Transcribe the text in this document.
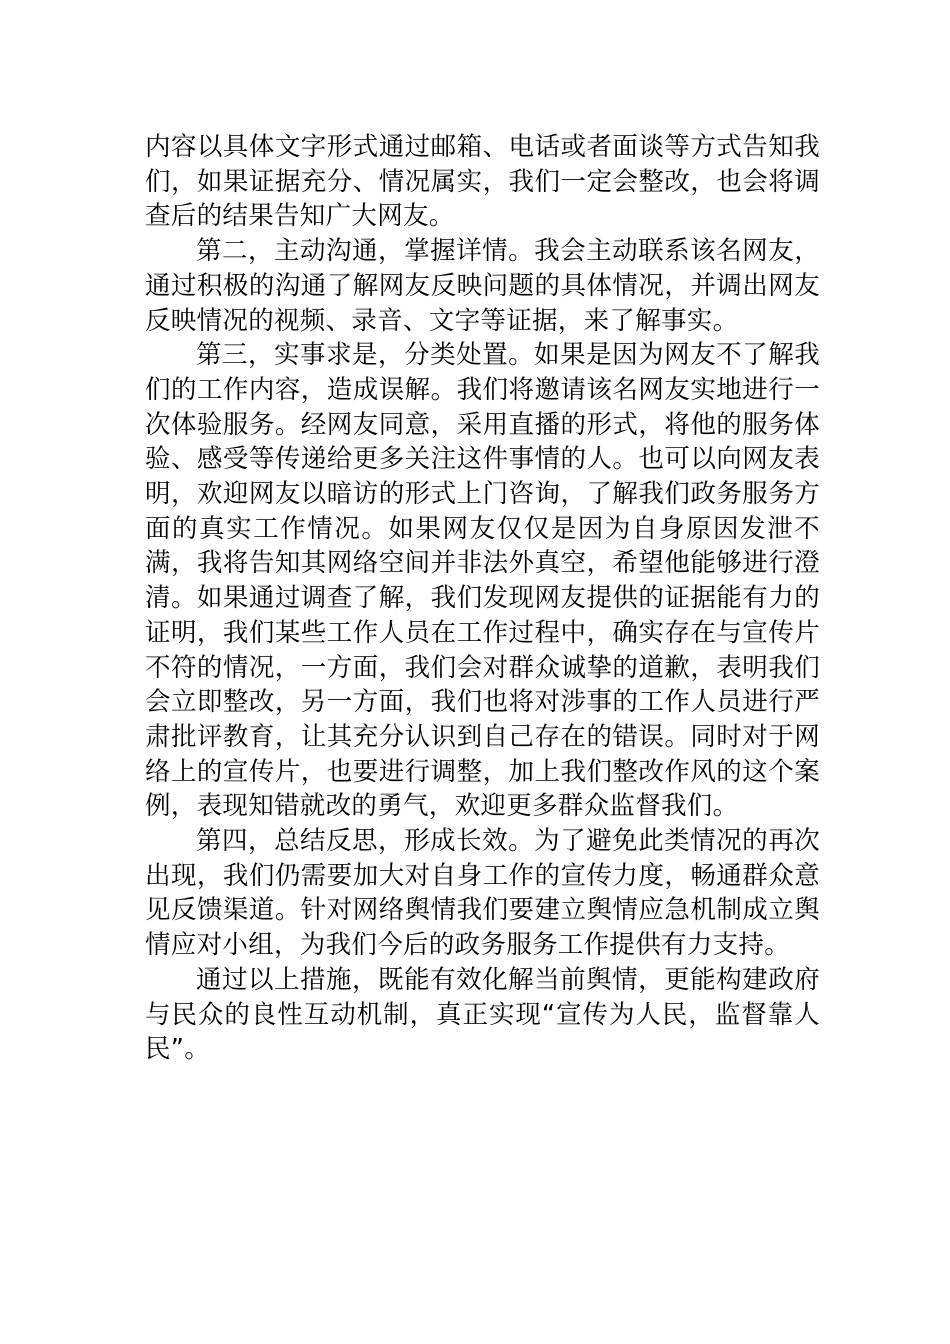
内容以具体文字形式通过邮箱、电话或者面谈等方式告知我们，如果证据充分、情况属实，我们一定会整改，也会将调查后的结果告知广大网友。

第二，主动沟通，掌握详情。我会主动联系该名网友，通过积极的沟通了解网友反映问题的具体情况，并调出网友反映情况的视频、录音、文字等证据，来了解事实。

第三，实事求是，分类处置。如果是因为网友不了解我们的工作内容，造成误解。我们将邀请该名网友实地进行一次体验服务。经网友同意，采用直播的形式，将他的服务体验、感受等传递给更多关注这件事情的人。也可以向网友表明，欢迎网友以暗访的形式上门咨询，了解我们政务服务方面的真实工作情况。如果网友仅仅是因为自身原因发泄不满，我将告知其网络空间并非法外真空，希望他能够进行澄清。如果通过调查了解，我们发现网友提供的证据能有力的证明，我们某些工作人员在工作过程中，确实存在与宣传片不符的情况，一方面，我们会对群众诚挚的道歉，表明我们会立即整改，另一方面，我们也将对涉事的工作人员进行严肃批评教育，让其充分认识到自己存在的错误。同时对于网络上的宣传片，也要进行调整，加上我们整改作风的这个案例，表现知错就改的勇气，欢迎更多群众监督我们。

第四，总结反思，形成长效。为了避免此类情况的再次出现，我们仍需要加大对自身工作的宣传力度，畅通群众意见反馈渠道。针对网络舆情我们要建立舆情应急机制成立舆情应对小组，为我们今后的政务服务工作提供有力支持。

通过以上措施，既能有效化解当前舆情，更能构建政府与民众的良性互动机制，真正实现“宣传为人民，监督靠人民”。
